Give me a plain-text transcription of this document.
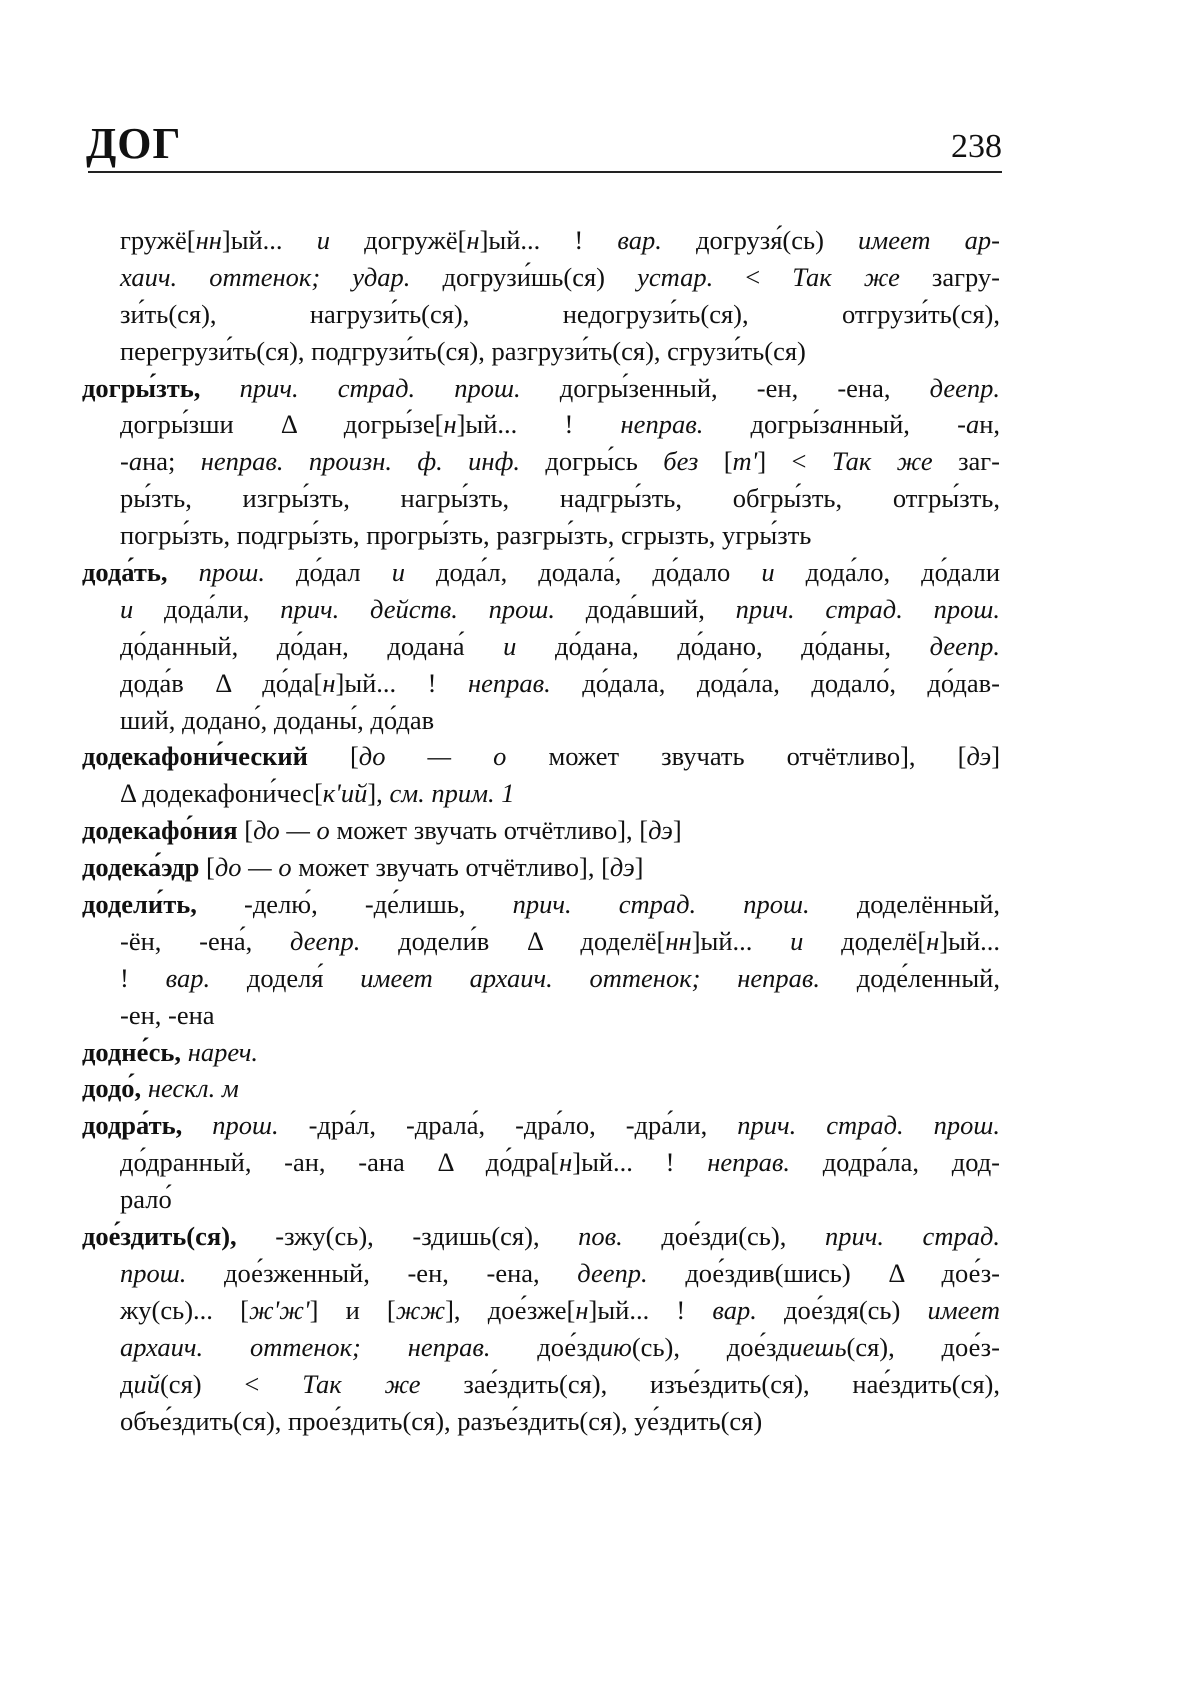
ДОГ	238
гружё[нн]ый... и догружё[н]ый... ! вар. догрузя́(сь) имеет ар-
хаич. оттенок; удар. догрузи́шь(ся) устар. < Так же загру-
зи́ть(ся), нагрузи́ть(ся), недогрузи́ть(ся), отгрузи́ть(ся),
перегрузи́ть(ся), подгрузи́ть(ся), разгрузи́ть(ся), сгрузи́ть(ся)
догры́зть, прич. страд. прош. догры́зенный, -ен, -ена, деепр.
догры́зши Δ догры́зе[н]ый... ! неправ. догры́занный, -ан,
-ана; неправ. произн. ф. инф. догры́сь без [т'] < Так же заг-
ры́зть, изгры́зть, нагры́зть, надгры́зть, обгры́зть, отгры́зть,
погры́зть, подгры́зть, прогры́зть, разгры́зть, сгрызть, угры́зть
дода́ть, прош. до́дал и дода́л, додала́, до́дало и дода́ло, до́дали
и дода́ли, прич. действ. прош. дода́вший, прич. страд. прош.
до́данный, до́дан, додана́ и до́дана, до́дано, до́даны, деепр.
дода́в Δ до́да[н]ый... ! неправ. до́дала, дода́ла, додало́, до́дав-
ший, додано́, доданы́, до́дав
додекафони́ческий [до — о может звучать отчётливо], [дэ]
Δ додекафони́чес[к'ий], см. прим. 1
додекафо́ния [до — о может звучать отчётливо], [дэ]
додека́эдр [до — о может звучать отчётливо], [дэ]
додели́ть, -делю́, -де́лишь, прич. страд. прош. доделённый,
-ён, -ена́, деепр. додели́в Δ доделё[нн]ый... и доделё[н]ый...
! вар. доделя́ имеет архаич. оттенок; неправ. доде́ленный,
-ен, -ена
додне́сь, нареч.
додо́, нескл. м
додра́ть, прош. -дра́л, -драла́, -дра́ло, -дра́ли, прич. страд. прош.
до́дранный, -ан, -ана Δ до́дра[н]ый... ! неправ. додра́ла, дод-
рало́
дое́здить(ся), -зжу(сь), -здишь(ся), пов. дое́зди(сь), прич. страд.
прош. дое́зженный, -ен, -ена, деепр. дое́здив(шись) Δ дое́з-
жу(сь)... [ж'ж'] и [жж], дое́зже[н]ый... ! вар. дое́здя(сь) имеет
архаич. оттенок; неправ. дое́здию(сь), дое́здиешь(ся), дое́з-
дий(ся) < Так же зае́здить(ся), изъе́здить(ся), нае́здить(ся),
объе́здить(ся), прое́здить(ся), разъе́здить(ся), уе́здить(ся)
